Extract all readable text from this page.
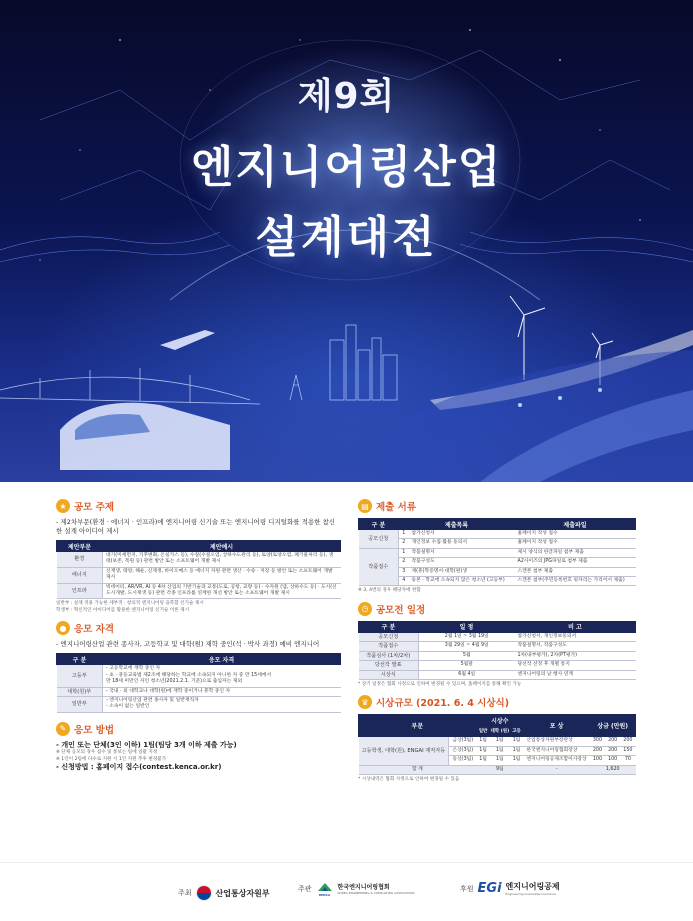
제9회
엔지니어링산업
설계대전
★ 공모 주제
- 제2차부문(환경 · 에너지 · 인프라)에 엔지니어링 신기술 또는 엔지니어링 디지털화를 적용한 참신한 설계 아이디어 제시
제안부문	제안예시
환경	대기(미세먼지, 기후변화, 온실가스 등), 수질(수질오염, 상하수도관리 등), 토양(토양오염, 폐기물처리 등), 생태(보존, 복원 등) 관련 방안 또는 소프트웨어 개발 제시
에너지	신재생, 태양, 해운, 신재생, 바이오매스 등 에너지 자원 관련 생산 · 수송 · 저장 등 방안 또는 소프트웨어 개발 제시
인프라	빅데이터, AR/VR, AI 등 4차 산업의 기반기술과 교통(도로, 공항, 교량 등) · 수자원 (댐, 상하수도 등) · 도시(신도시개발, 도시재생 등) 관련 각종 인프라를 연계한 개선 방안 또는 소프트웨어 개발 제시
일반부 : 실제 적용 가능한 세부적 · 창의적 엔지니어링 융복합 신기술 제시
학생부 : 혁신적인 아이디어를 활용한 엔지니어링 신기술 이론 제시
● 응모 자격
- 엔지니어링산업 관련 종사자, 고등학교 및 대학(원) 재학 중인(석 · 박사 과정) 예비 엔지니어
구 분	응모 자격
고등부	- 고등학교에 재학 중인 자
- 초 · 중등교육법 제2조에 해당하는 학교에 소속되지 아니한 자 중 만 15세에서
만 18세 미만인 자인 청소년(2021.2.1. 기준)으로 출입자는 제외

대학(원)부	- 국내 · 외 대학교나 대학(원)에 재학 중이거나 휴학 중인 자

일반부	- 엔지니어링산업 관련 종사자 및 일반재직자
- 소속이 없는 일반인
✎ 응모 방법
- 개인 또는 단체(3인 이하) 1팀(팀당 3개 이하 제출 가능)
※ 단체 응모의 경우 접수 및 통보는 팀에 일괄 지정
※ 1인이 2팀에 다수로 지원 시 1인 지원 추후 변경불가
- 신청방법 : 홈페이지 접수(contest.kenca.or.kr)
▤ 제출 서류
구 분	제출목록		제출파일
공모신청	1	참가신청서	홈페이지 작성 접수
	2	개인정보 수집·활용 동의서	홈페이지 작성 접수
작품접수	1	작품설명서	제시 양식의 한글파일 첨부 제출
	2	작품구성도	A2사이즈의 JPG파일로 첨부 제출
	3	재(휴)학증명서·대학(원)생	스캔본 첨부 제출
	4	동본 · 학교에 소속되지 않은 청소년 (고등부)	스캔본 첨부(주민등록번호 뒷자리는 가리어서 제출)
※ 3, 4번의 경우 해당자에 한함
◷ 공모전 일정
구 분	일 정	비 고
공모신청	2월 1일 ~ 3월 19일	참가신청서, 개인정보동의서
작품접수	3월 29일 ~ 4월 9일	작품설명서, 작품구성도
작품심사 (1차/2차)	5월	1차(내부평가), 2차(PT평가)
당선작 발표	5월말	당선작 선정 후 개별 통지
시상식	6월 4일	엔지니어링의 날 행사 연계
* 상기 일정은 협회 사정으로 인하여 변경될 수 있으며, 홈페이지를 통해 확인 가능
♛ 시상규모 (2021. 6. 4 시상식)
부문		시상수			포 상	상금 (만원)		
		일반	대학 (원)	고등				
고등학생, 대학(원), ENGAI 재직자등	금상(3팀)	1팀	1팀	1팀	산업통상자원부장관상	300	200	200
	은상(3팀)	1팀	1팀	1팀	한국엔지니어링협회장상	200	200	150
	동상(3팀)	1팀	1팀	1팀	엔지니어링공제조합이사장상	100	100	70
합 계		9팀			-	1,620		
* 시상내역은 협회 사정으로 인하여 변경될 수 있음
주최	산업통상자원부	주관
KENCA
한국엔지니어링협회
KOREA ENGINEERING & CONSULTING ASSOCIATION	후원 EGi 엔지니어링공제
Engineering Guarantee Insurance
